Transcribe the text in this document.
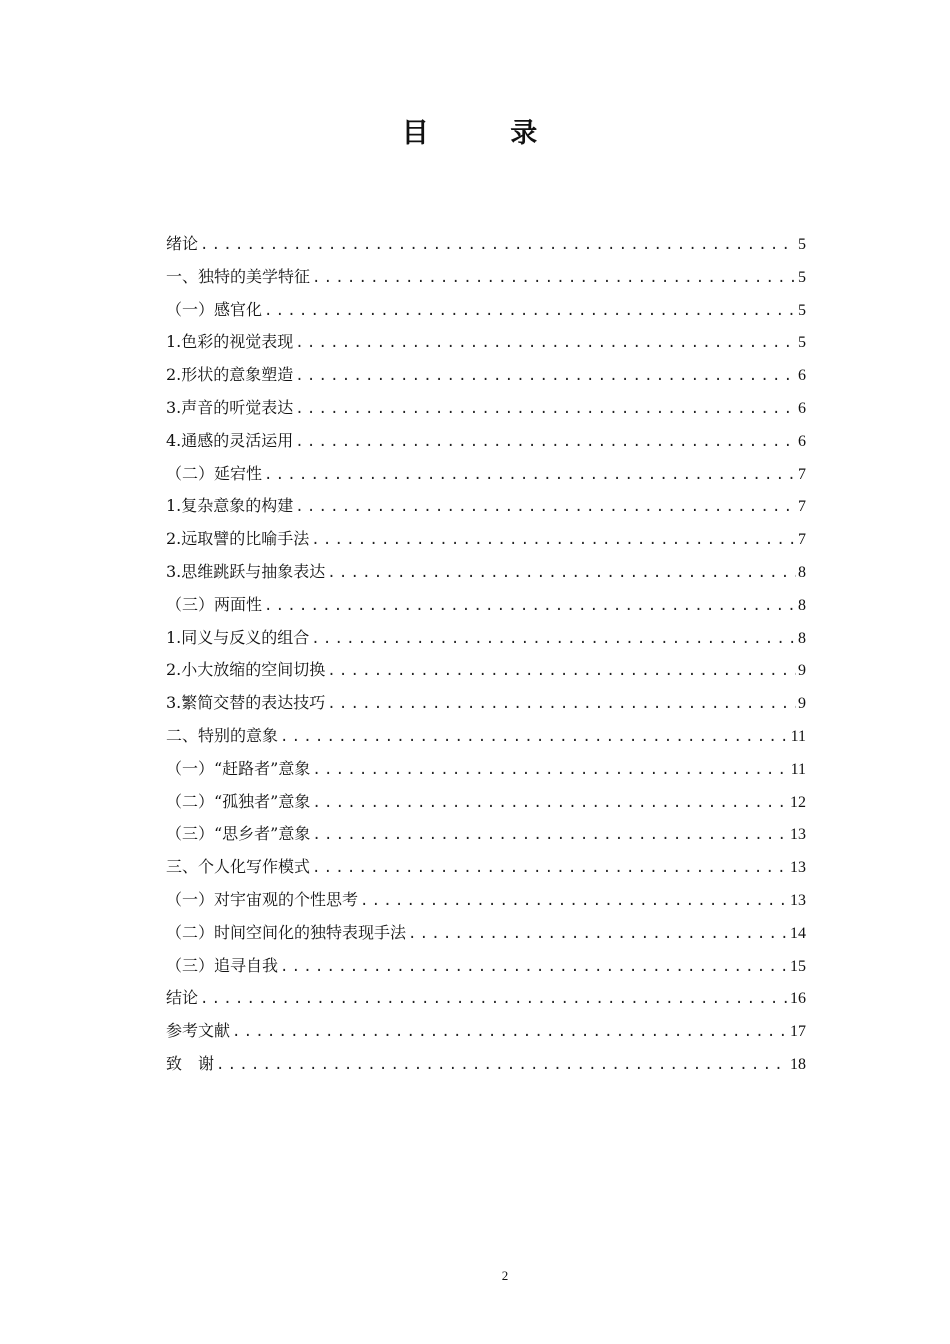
目 录
绪论 .....	5
一、独特的美学特征 .....	5
（一）感官化 .....	5
1.色彩的视觉表现 .....	5
2.形状的意象塑造 .....	6
3.声音的听觉表达 .....	6
4.通感的灵活运用 .....	6
（二）延宕性 .....	7
1.复杂意象的构建 .....	7
2.远取譬的比喻手法 .....	7
3.思维跳跃与抽象表达 .....	8
（三）两面性 .....	8
1.同义与反义的组合 .....	8
2.小大放缩的空间切换 .....	9
3.繁简交替的表达技巧 .....	9
二、特别的意象 .....	11
（一）“赶路者”意象 .....	11
（二）“孤独者”意象 .....	12
（三）“思乡者”意象 .....	13
三、个人化写作模式 .....	13
（一）对宇宙观的个性思考 .....	13
（二）时间空间化的独特表现手法 .....	14
（三）追寻自我 .....	15
结论 .....	16
参考文献 .....	17
致　谢 .....	18
2
